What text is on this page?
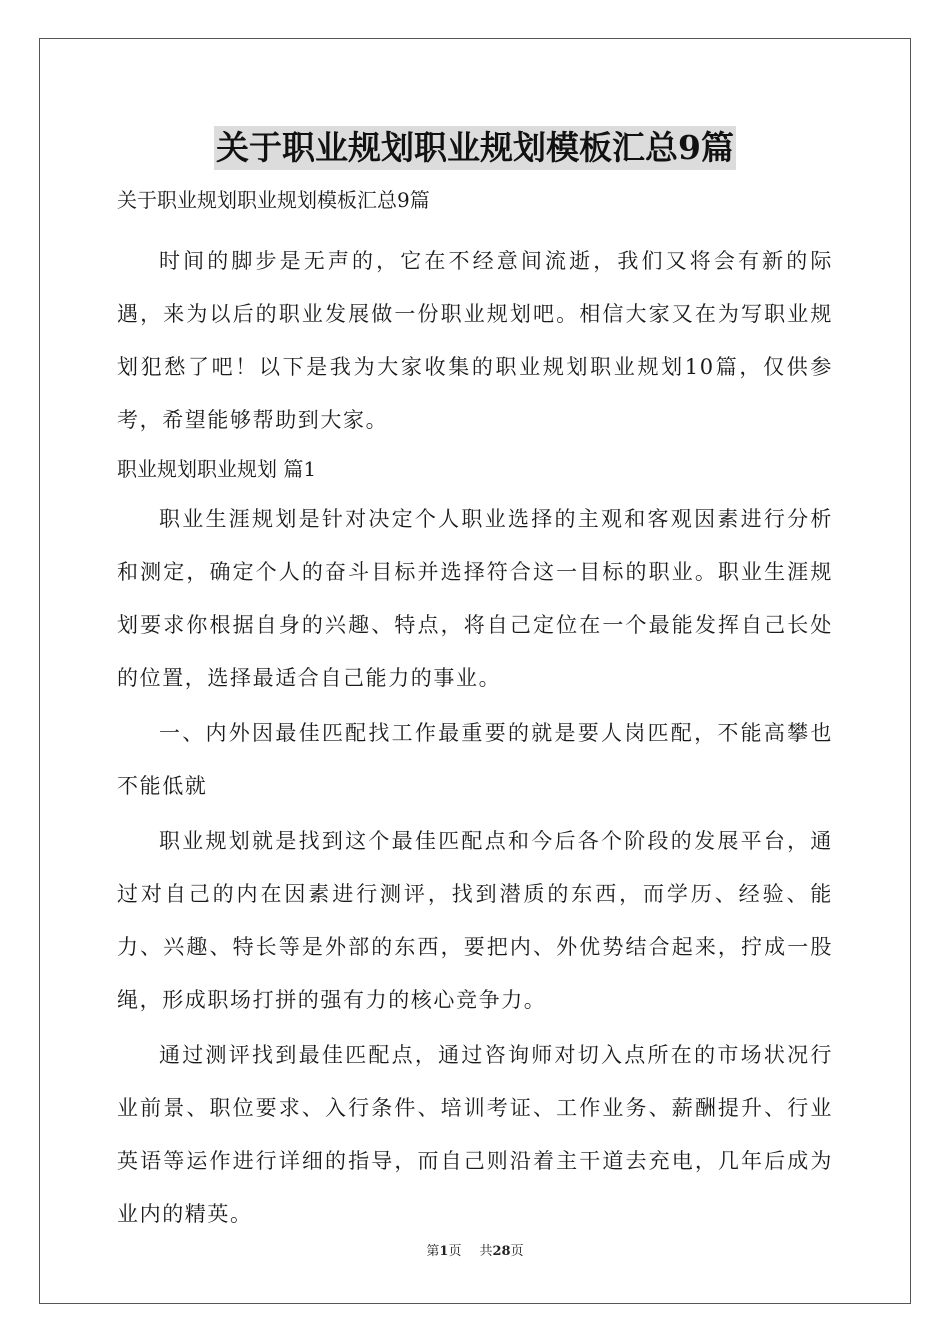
关于职业规划职业规划模板汇总9篇

关于职业规划职业规划模板汇总9篇

时间的脚步是无声的，它在不经意间流逝，我们又将会有新的际遇，来为以后的职业发展做一份职业规划吧。相信大家又在为写职业规划犯愁了吧！以下是我为大家收集的职业规划职业规划10篇，仅供参考，希望能够帮助到大家。

职业规划职业规划 篇1

职业生涯规划是针对决定个人职业选择的主观和客观因素进行分析和测定，确定个人的奋斗目标并选择符合这一目标的职业。职业生涯规划要求你根据自身的兴趣、特点，将自己定位在一个最能发挥自己长处的位置，选择最适合自己能力的事业。

一、内外因最佳匹配找工作最重要的就是要人岗匹配，不能高攀也不能低就

职业规划就是找到这个最佳匹配点和今后各个阶段的发展平台，通过对自己的内在因素进行测评，找到潜质的东西，而学历、经验、能力、兴趣、特长等是外部的东西，要把内、外优势结合起来，拧成一股绳，形成职场打拼的强有力的核心竞争力。

通过测评找到最佳匹配点，通过咨询师对切入点所在的市场状况行业前景、职位要求、入行条件、培训考证、工作业务、薪酬提升、行业英语等运作进行详细的指导，而自己则沿着主干道去充电，几年后成为业内的精英。

第1页 共28页
